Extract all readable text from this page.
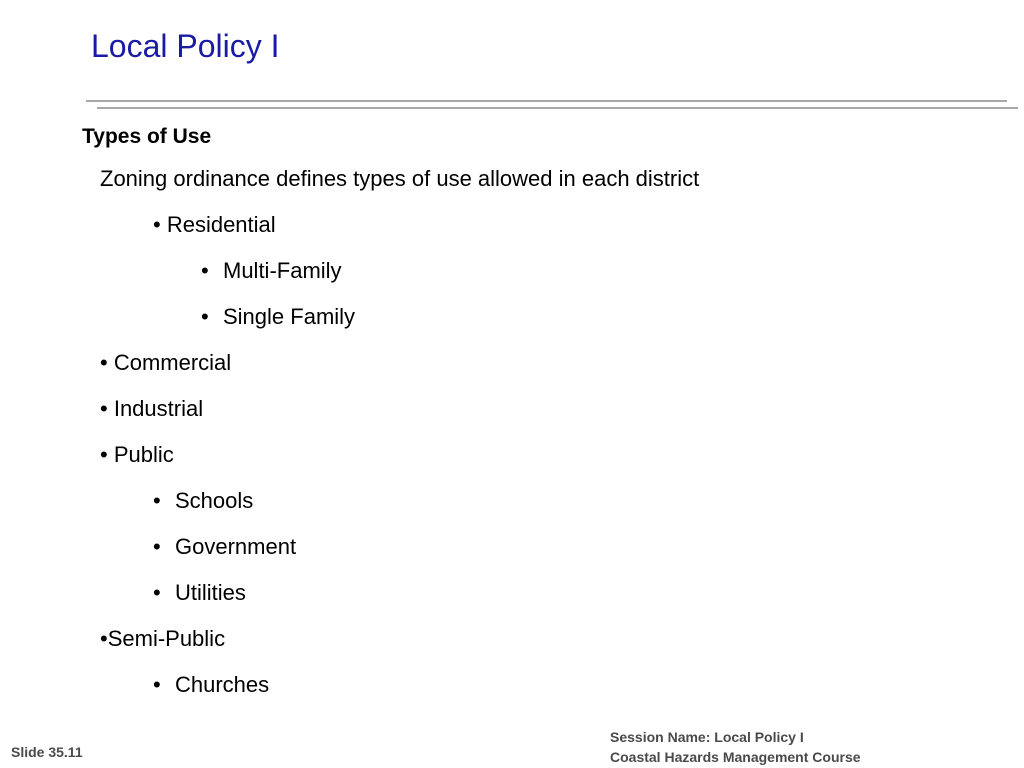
Local Policy I
Types of Use
Zoning ordinance defines types of use allowed in each district
• Residential
• Multi-Family
• Single Family
• Commercial
• Industrial
• Public
• Schools
• Government
• Utilities
•Semi-Public
• Churches
Slide 35.11
Session Name: Local Policy I
Coastal Hazards Management Course
